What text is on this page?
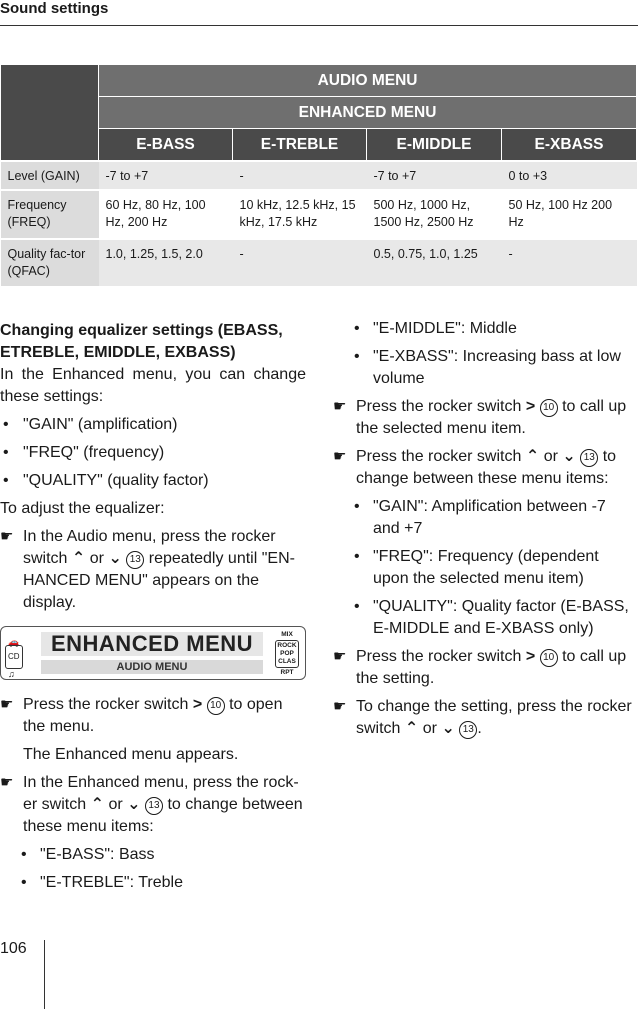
Sound settings
	AUDIO MENU			
	ENHANCED MENU			
	E-BASS	E-TREBLE	E-MIDDLE	E-XBASS
Level (GAIN)	-7 to +7	-	-7 to +7	0 to +3
Frequency (FREQ)	60 Hz, 80 Hz, 100 Hz, 200 Hz	10 kHz, 12.5 kHz, 15 kHz, 17.5 kHz	500 Hz, 1000 Hz, 1500 Hz, 2500 Hz	50 Hz, 100 Hz 200 Hz
Quality fac-tor (QFAC)	1.0, 1.25, 1.5, 2.0	-	0.5, 0.75, 1.0, 1.25	-

Changing equalizer settings (EBASS, ETREBLE, EMIDDLE, EXBASS)

In the Enhanced menu, you can change these settings:

• "GAIN" (amplification)

• "FREQ" (frequency)

• "QUALITY" (quality factor)

To adjust the equalizer:

☛ In the Audio menu, press the rocker switch ⌃ or ⌄ 13 repeatedly until "EN-HANCED MENU" appears on the display.

🚗
CD
♫
ENHANCED MENU
AUDIO MENU
MIX
ROCK
POP
CLAS
RPT

☛ Press the rocker switch > 10 to open the menu.

The Enhanced menu appears.

☛ In the Enhanced menu, press the rock-er switch ⌃ or ⌄ 13 to change between these menu items:

• "E-BASS": Bass

• "E-TREBLE": Treble

• "E-MIDDLE": Middle

• "E-XBASS": Increasing bass at low volume

☛ Press the rocker switch > 10 to call up the selected menu item.

☛ Press the rocker switch ⌃ or ⌄ 13 to change between these menu items:

• "GAIN": Amplification between -7 and +7

• "FREQ": Frequency (dependent upon the selected menu item)

• "QUALITY": Quality factor (E-BASS, E-MIDDLE and E-XBASS only)

☛ Press the rocker switch > 10 to call up the setting.

☛ To change the setting, press the rocker switch ⌃ or ⌄ 13 .

106
